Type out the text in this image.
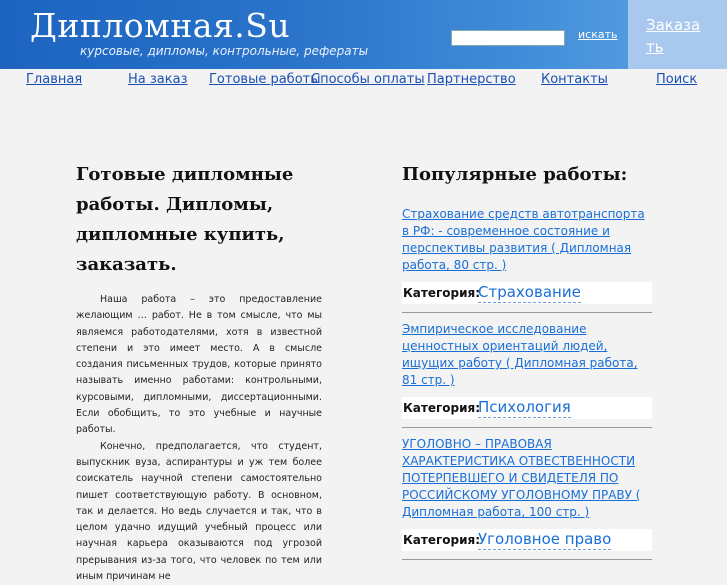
Дипломная.Su
курсовые, дипломы, контрольные, рефераты
искать
Заказать
Главная	На заказ Готовые работы
Способы оплаты Партнерство Контакты	Поиск
Готовые дипломные работы. Дипломы, дипломные купить, заказать.

Наша работа – это предоставление желающим … работ. Не в том смысле, что мы являемся работодателями, хотя в известной степени и это имеет место. А в смысле создания письменных трудов, которые принято называть именно работами: контрольными, курсовыми, дипломными, диссертационными. Если обобщить, то это учебные и научные работы.

Конечно, предполагается, что студент, выпускник вуза, аспирантуры и уж тем более соискатель научной степени самостоятельно пишет соответствующую работу. В основном, так и делается. Но ведь случается и так, что в целом удачно идущий учебный процесс или научная карьера оказываются под угрозой прерывания из-за того, что человек по тем или иным причинам не

Популярные работы:
Страхование средств автотранспорта в РФ: - современное состояние и перспективы развития ( Дипломная работа, 80 стр. )
Категория:
Страхование
Эмпирическое исследование ценностных ориентаций людей, ищущих работу ( Дипломная работа, 81 стр. )
Категория:
Психология
УГОЛОВНО – ПРАВОВАЯ ХАРАКТЕРИСТИКА ОТВЕСТВЕННОСТИ ПОТЕРПЕВШЕГО И СВИДЕТЕЛЯ ПО РОССИЙСКОМУ УГОЛОВНОМУ ПРАВУ ( Дипломная работа, 100 стр. )
Категория:
Уголовное право
